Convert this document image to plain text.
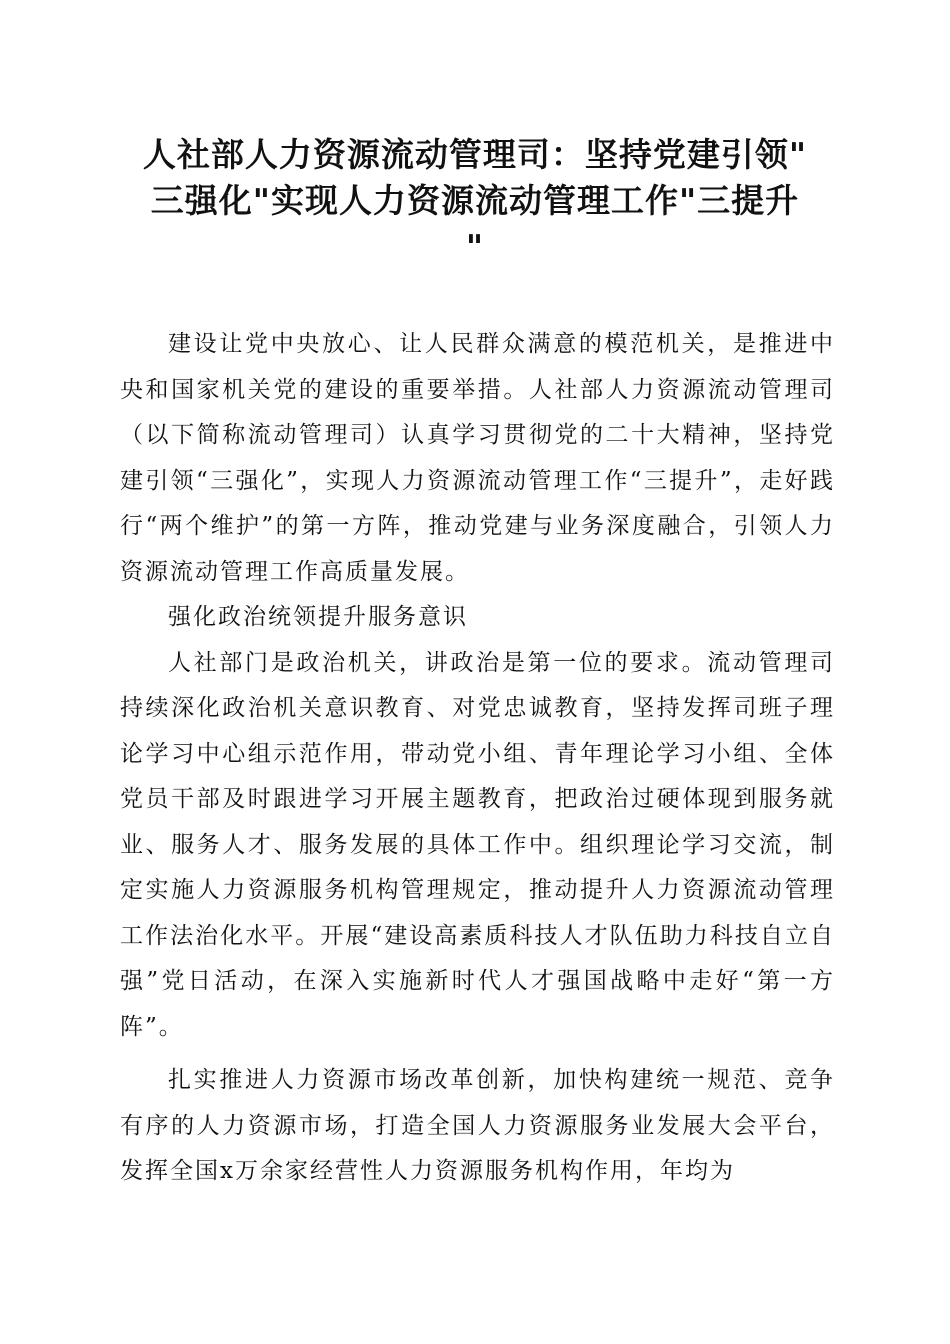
人社部人力资源流动管理司：坚持党建引领"
三强化"实现人力资源流动管理工作"三提升
"

建设让党中央放心、让人民群众满意的模范机关，是推进中央和国家机关党的建设的重要举措。人社部人力资源流动管理司（以下简称流动管理司）认真学习贯彻党的二十大精神，坚持党建引领“三强化”，实现人力资源流动管理工作“三提升”，走好践行“两个维护”的第一方阵，推动党建与业务深度融合，引领人力资源流动管理工作高质量发展。

强化政治统领提升服务意识

人社部门是政治机关，讲政治是第一位的要求。流动管理司持续深化政治机关意识教育、对党忠诚教育，坚持发挥司班子理论学习中心组示范作用，带动党小组、青年理论学习小组、全体党员干部及时跟进学习开展主题教育，把政治过硬体现到服务就业、服务人才、服务发展的具体工作中。组织理论学习交流，制定实施人力资源服务机构管理规定，推动提升人力资源流动管理工作法治化水平。开展“建设高素质科技人才队伍助力科技自立自强”党日活动，在深入实施新时代人才强国战略中走好“第一方阵”。

扎实推进人力资源市场改革创新，加快构建统一规范、竞争有序的人力资源市场，打造全国人力资源服务业发展大会平台，发挥全国x万余家经营性人力资源服务机构作用，年均为
